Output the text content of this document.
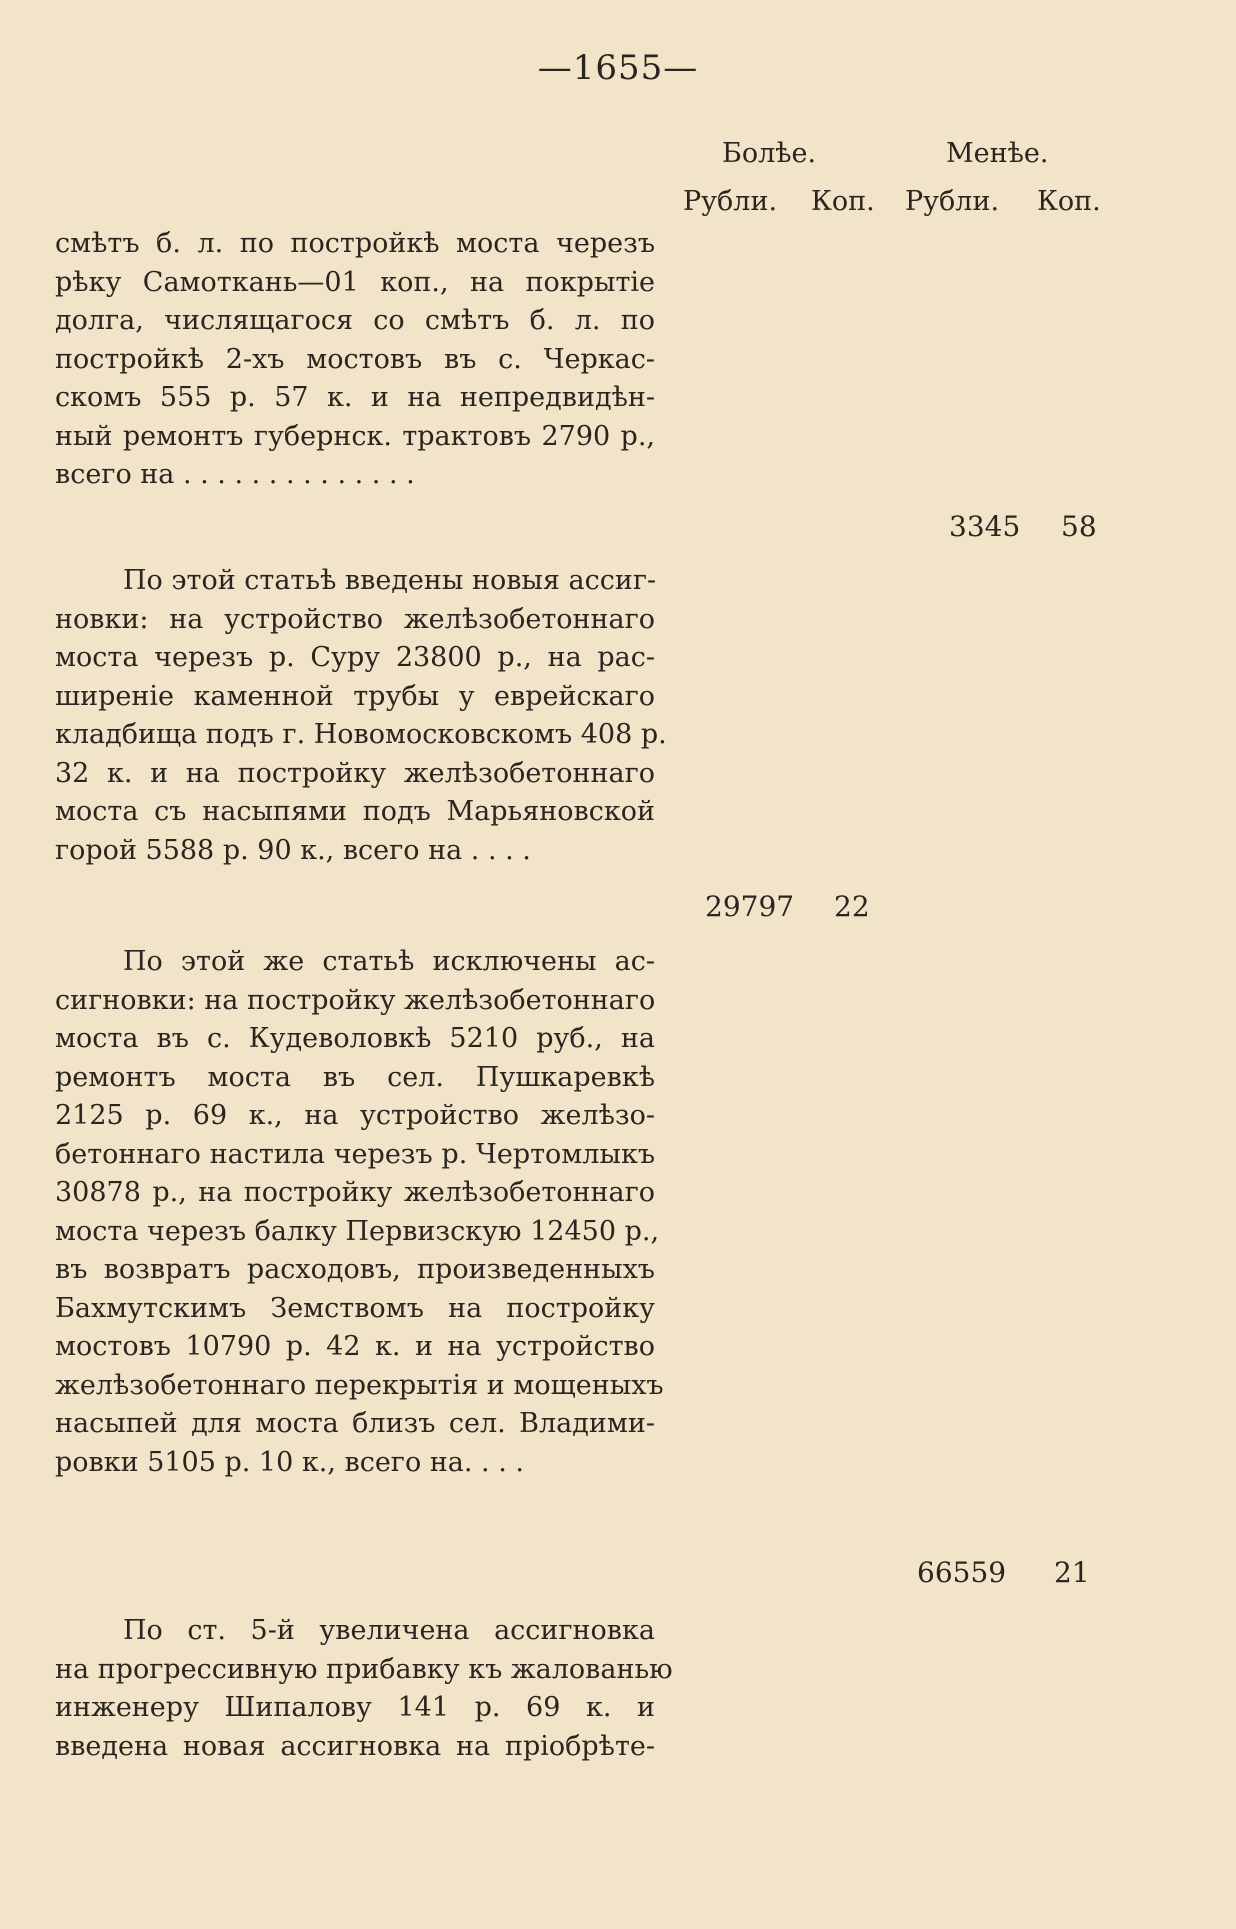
—1655—
Болѣе.	Менѣе.
Рубли. Коп. Рубли. Коп.
смѣтъ б. л. по постройкѣ моста черезъ
рѣку Самоткань—01 коп., на покрытіе
долга, числящагося со смѣтъ б. л. по
постройкѣ 2-хъ мостовъ въ с. Черкас-
скомъ 555 р. 57 к. и на непредвидѣн-
ный ремонтъ губернск. трактовъ 2790 р.,
всего на . . . . . . . . . . . . . .
3345 58
По этой статьѣ введены новыя ассиг-
новки: на устройство желѣзобетоннаго
моста черезъ р. Суру 23800 р., на рас-
ширеніе каменной трубы у еврейскаго
кладбища подъ г. Новомосковскомъ 408 р.
32 к. и на постройку желѣзобетоннаго
моста съ насыпями подъ Марьяновской
горой 5588 р. 90 к., всего на . . . .
29797 22
По этой же статьѣ исключены ас-
сигновки: на постройку желѣзобетоннаго
моста въ с. Кудеволовкѣ 5210 руб., на
ремонтъ моста въ сел. Пушкаревкѣ
2125 р. 69 к., на устройство желѣзо-
бетоннаго настила черезъ р. Чертомлыкъ
30878 р., на постройку желѣзобетоннаго
моста черезъ балку Первизскую 12450 р.,
въ возвратъ расходовъ, произведенныхъ
Бахмутскимъ Земствомъ на постройку
мостовъ 10790 р. 42 к. и на устройство
желѣзобетоннаго перекрытія и мощеныхъ
насыпей для моста близъ сел. Владими-
ровки 5105 р. 10 к., всего на. . . .
66559 21
По ст. 5-й увеличена ассигновка
на прогрессивную прибавку къ жалованью
инженеру Шипалову 141 р. 69 к. и
введена новая ассигновка на пріобрѣте-
